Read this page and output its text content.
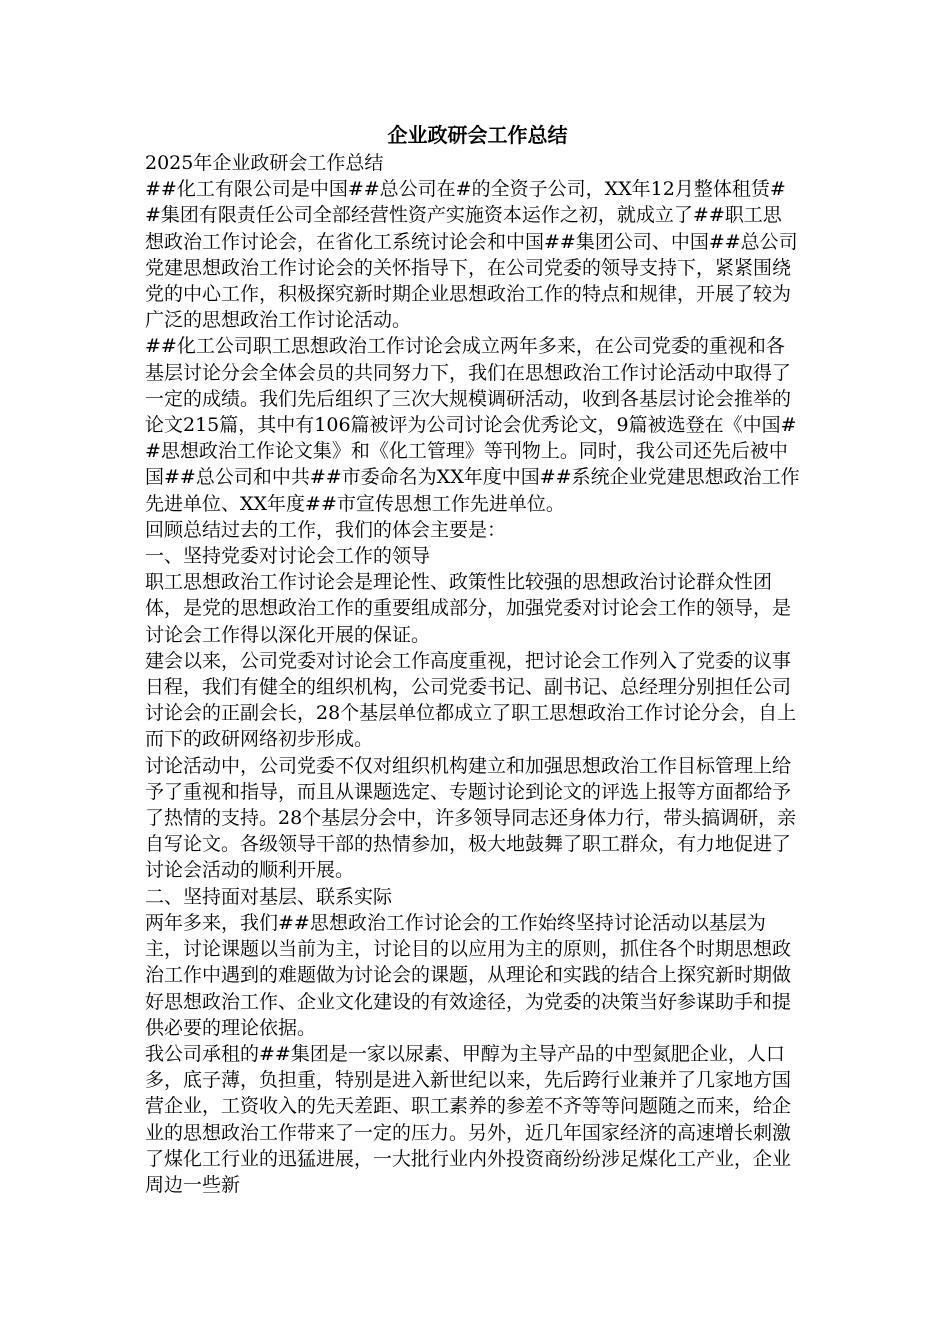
企业政研会工作总结

2025年企业政研会工作总结

##化工有限公司是中国##总公司在#的全资子公司，XX年12月整体租赁##集团有限责任公司全部经营性资产实施资本运作之初，就成立了##职工思想政治工作讨论会，在省化工系统讨论会和中国##集团公司、中国##总公司党建思想政治工作讨论会的关怀指导下，在公司党委的领导支持下，紧紧围绕党的中心工作，积极探究新时期企业思想政治工作的特点和规律，开展了较为广泛的思想政治工作讨论活动。

##化工公司职工思想政治工作讨论会成立两年多来，在公司党委的重视和各基层讨论分会全体会员的共同努力下，我们在思想政治工作讨论活动中取得了一定的成绩。我们先后组织了三次大规模调研活动，收到各基层讨论会推举的论文215篇，其中有106篇被评为公司讨论会优秀论文，9篇被选登在《中国##思想政治工作论文集》和《化工管理》等刊物上。同时，我公司还先后被中国##总公司和中共##市委命名为XX年度中国##系统企业党建思想政治工作先进单位、XX年度##市宣传思想工作先进单位。

回顾总结过去的工作，我们的体会主要是：

一、坚持党委对讨论会工作的领导

职工思想政治工作讨论会是理论性、政策性比较强的思想政治讨论群众性团体，是党的思想政治工作的重要组成部分，加强党委对讨论会工作的领导，是讨论会工作得以深化开展的保证。

建会以来，公司党委对讨论会工作高度重视，把讨论会工作列入了党委的议事日程，我们有健全的组织机构，公司党委书记、副书记、总经理分别担任公司讨论会的正副会长，28个基层单位都成立了职工思想政治工作讨论分会，自上而下的政研网络初步形成。

讨论活动中，公司党委不仅对组织机构建立和加强思想政治工作目标管理上给予了重视和指导，而且从课题选定、专题讨论到论文的评选上报等方面都给予了热情的支持。28个基层分会中，许多领导同志还身体力行，带头搞调研，亲自写论文。各级领导干部的热情参加，极大地鼓舞了职工群众，有力地促进了讨论会活动的顺利开展。

二、坚持面对基层、联系实际

两年多来，我们##思想政治工作讨论会的工作始终坚持讨论活动以基层为主，讨论课题以当前为主，讨论目的以应用为主的原则，抓住各个时期思想政治工作中遇到的难题做为讨论会的课题，从理论和实践的结合上探究新时期做好思想政治工作、企业文化建设的有效途径，为党委的决策当好参谋助手和提供必要的理论依据。

我公司承租的##集团是一家以尿素、甲醇为主导产品的中型氮肥企业，人口多，底子薄，负担重，特别是进入新世纪以来，先后跨行业兼并了几家地方国营企业，工资收入的先天差距、职工素养的参差不齐等等问题随之而来，给企业的思想政治工作带来了一定的压力。另外，近几年国家经济的高速增长刺激了煤化工行业的迅猛进展，一大批行业内外投资商纷纷涉足煤化工产业，企业周边一些新
